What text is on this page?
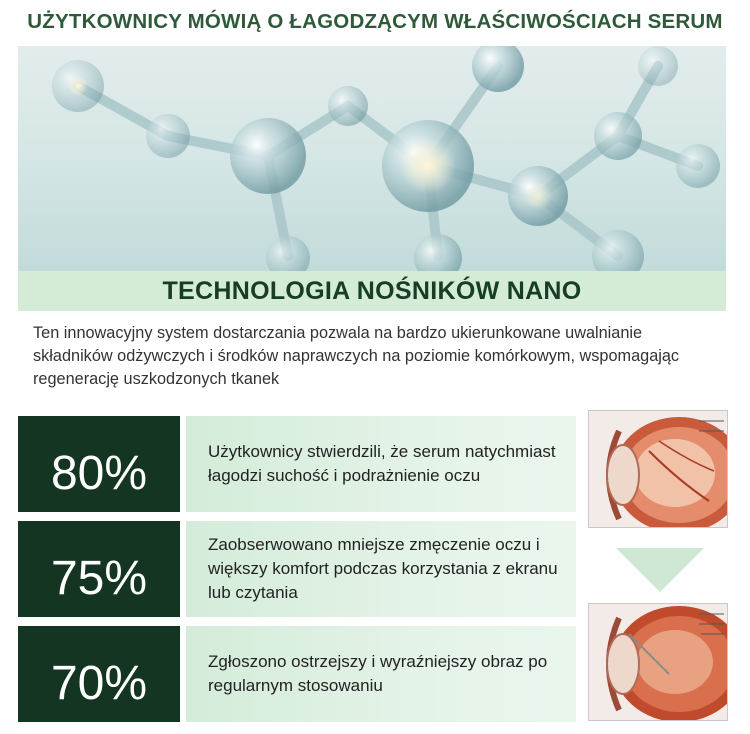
UŻYTKOWNICY MÓWIĄ O ŁAGODZĄCYM WŁAŚCIWOŚCIACH SERUM
TECHNOLOGIA NOŚNIKÓW NANO
Ten innowacyjny system dostarczania pozwala na bardzo ukierunkowane uwalnianie składników odżywczych i środków naprawczych na poziomie komórkowym, wspomagając regenerację uszkodzonych tkanek
80%	Użytkownicy stwierdzili, że serum natychmiast łagodzi suchość i podrażnienie oczu
75%
Zaobserwowano mniejsze zmęczenie oczu i większy komfort podczas korzystania z ekranu lub czytania
70%	Zgłoszono ostrzejszy i wyraźniejszy obraz po regularnym stosowaniu
